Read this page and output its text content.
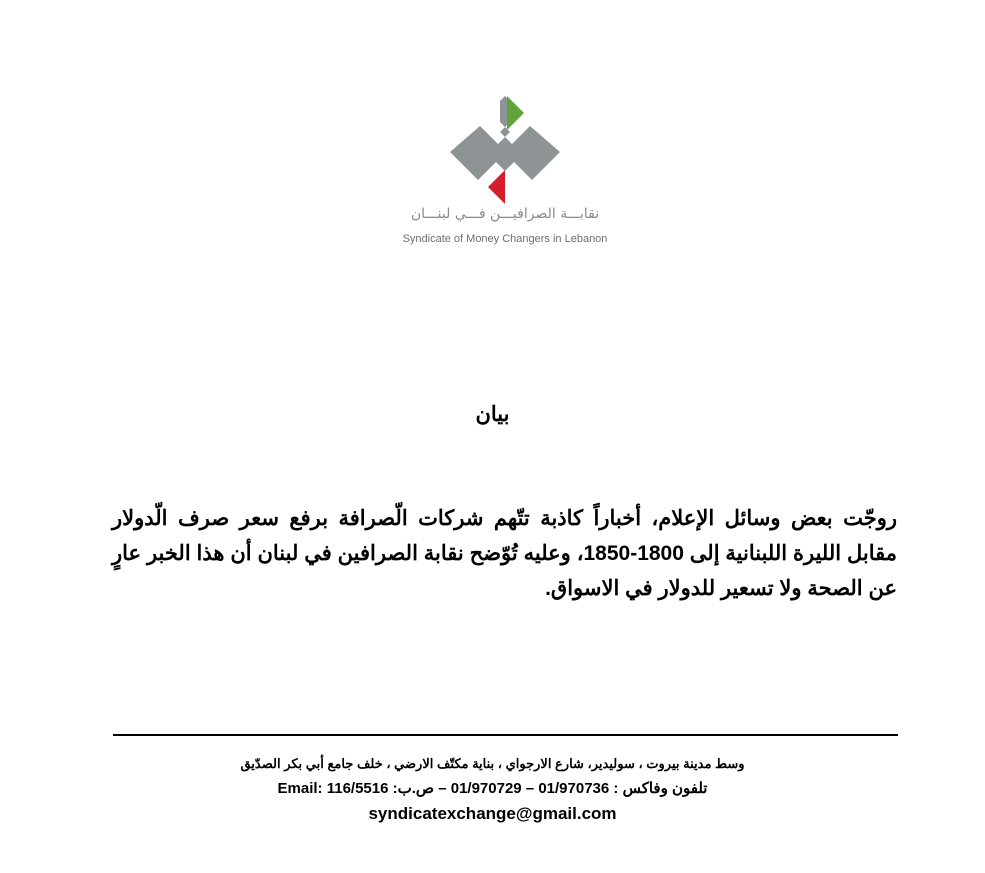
نقابـــة الصرافيـــن فـــي لبنـــان

Syndicate of Money Changers in Lebanon

بيان

روجّت بعض وسائل الإعلام، أخباراً كاذبة تتّهم شركات الّصرافة برفع سعر صرف الّدولار مقابل الليرة اللبنانية إلى 1800-1850، وعليه تُوّضح نقابة الصرافين في لبنان أن هذا الخبر عارٍ عن الصحة ولا تسعير للدولار في الاسواق.

وسط مدينة بيروت ، سوليدير، شارع الارجواي ، بناية مكتّف الارضي ، خلف جامع أبي بكر الصدّيق

تلفون وفاكس : 01/970736 – 01/970729 – ص.ب: 116/5516 :Email

syndicatexchange@gmail.com
